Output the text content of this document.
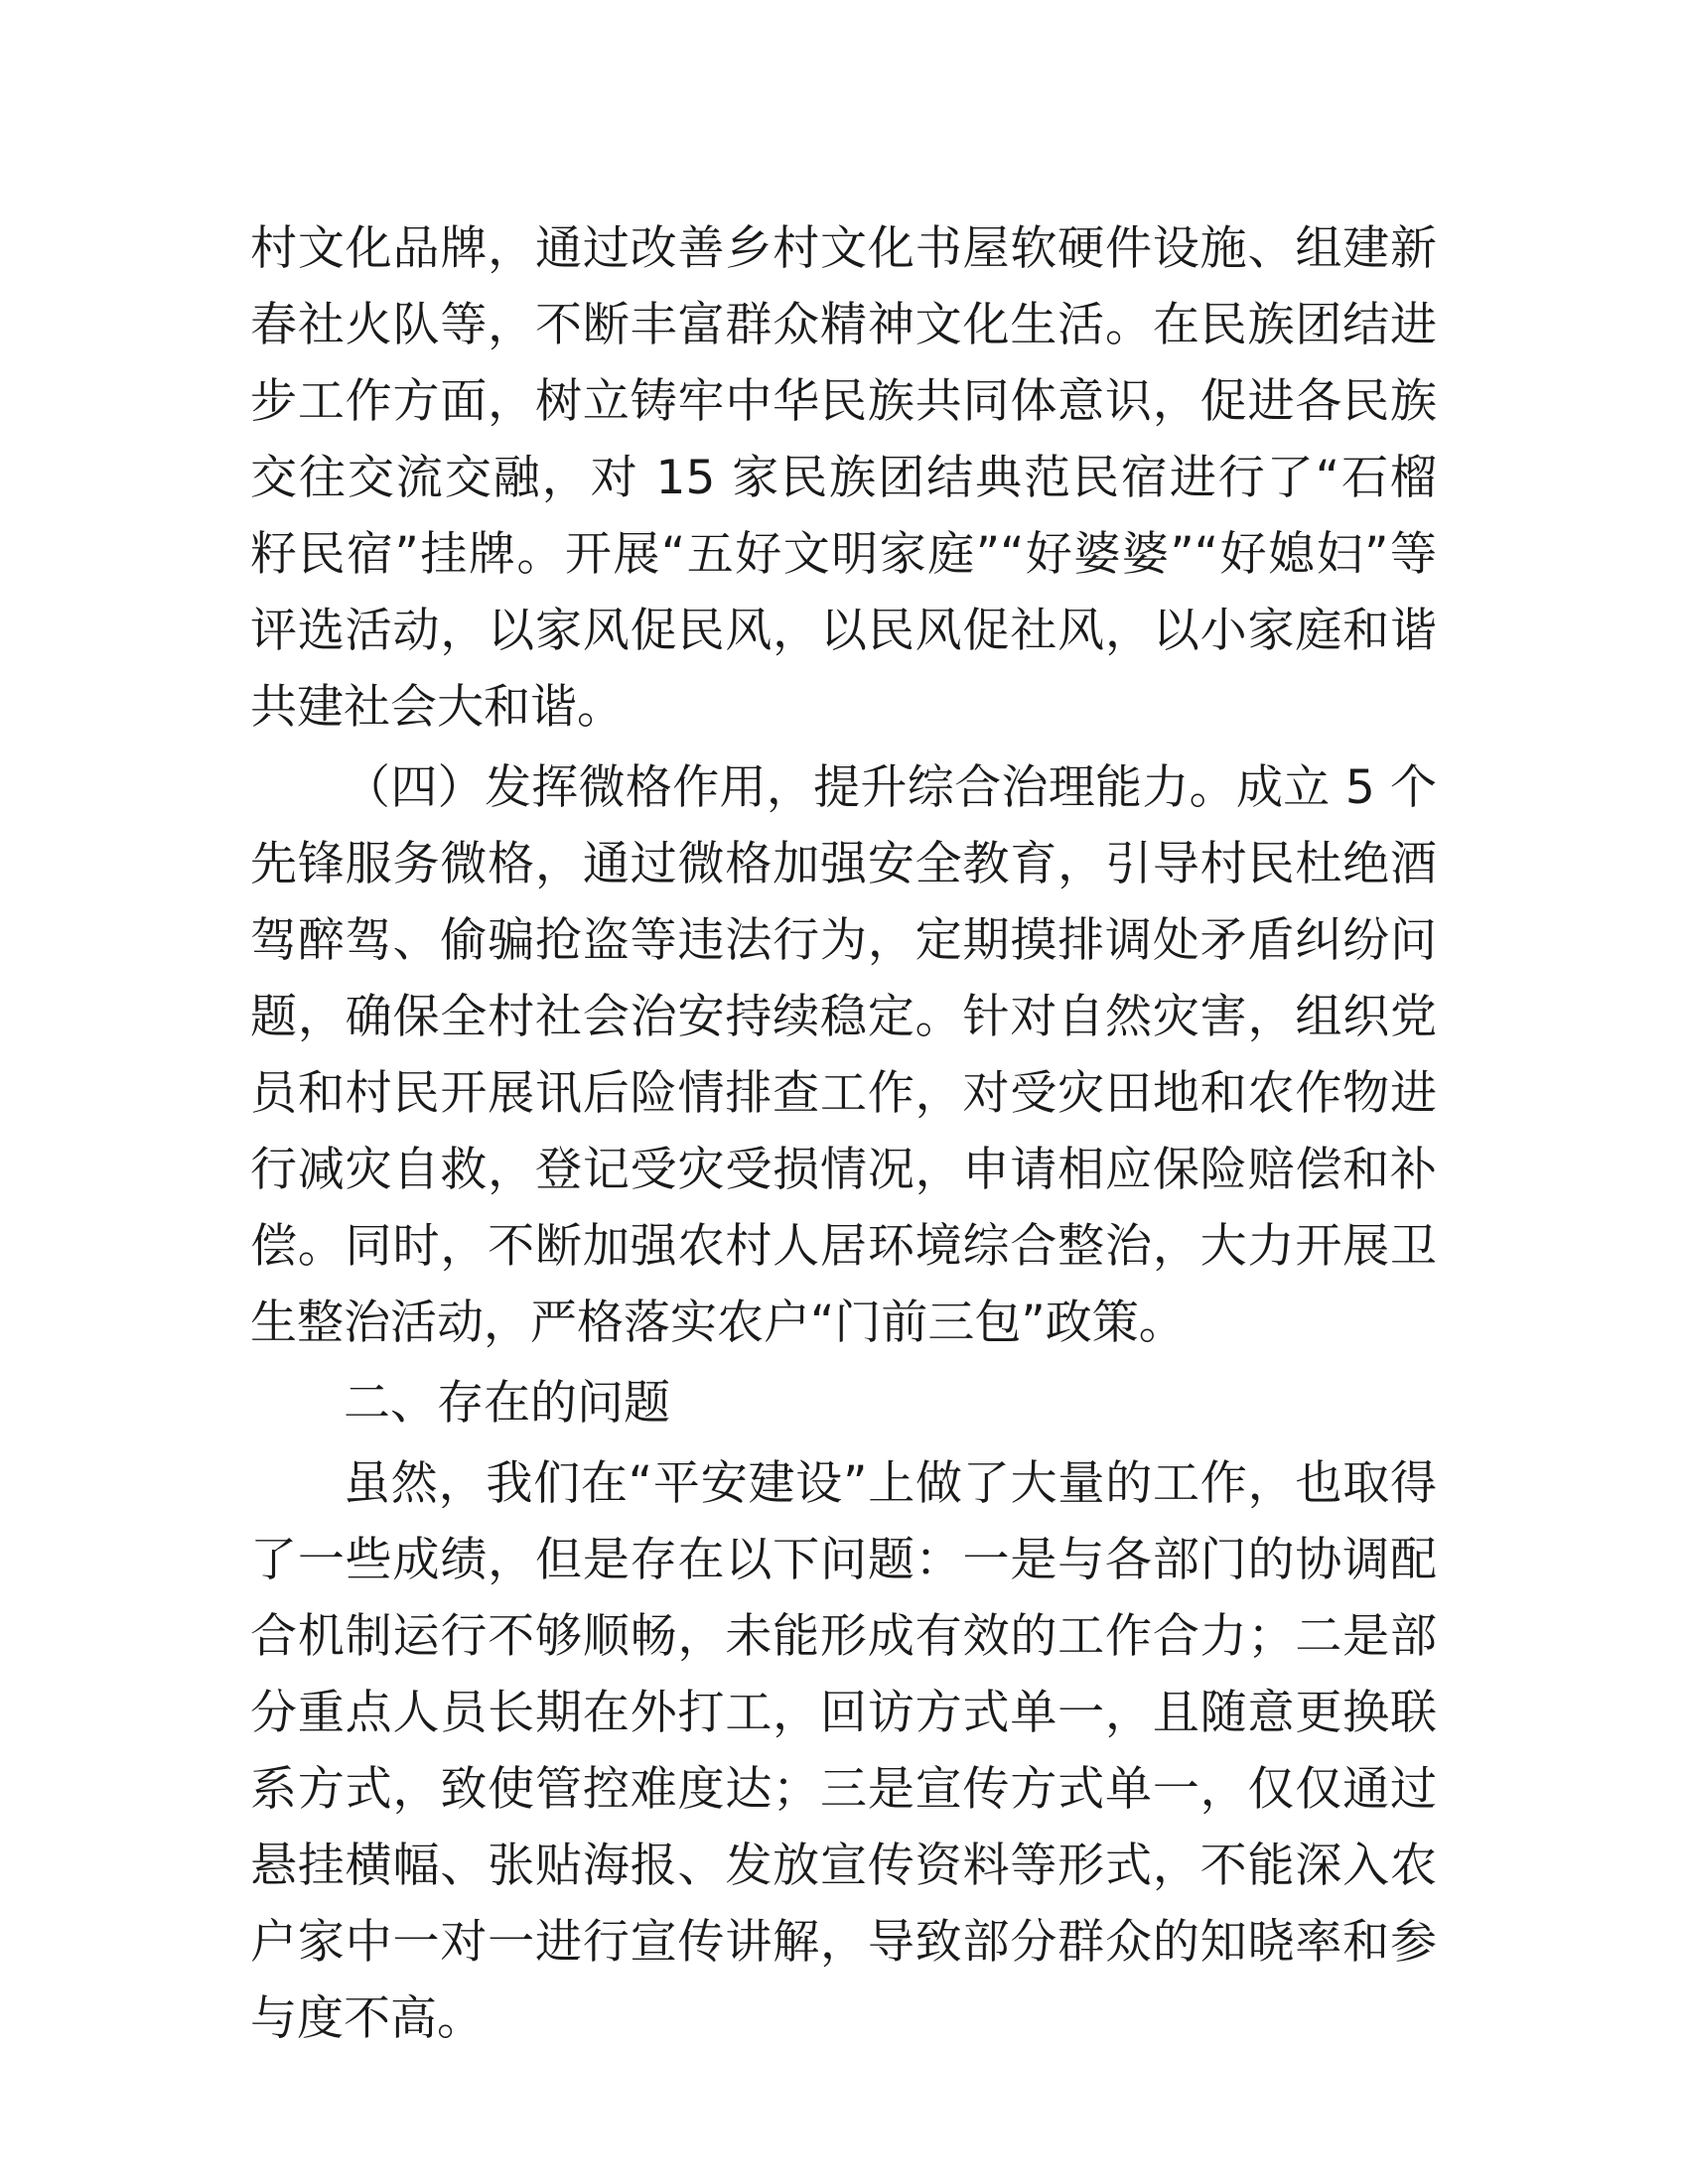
村文化品牌，通过改善乡村文化书屋软硬件设施、组建新春社火队等，不断丰富群众精神文化生活。在民族团结进步工作方面，树立铸牢中华民族共同体意识，促进各民族交往交流交融，对 15 家民族团结典范民宿进行了“石榴籽民宿”挂牌。开展“五好文明家庭”“好婆婆”“好媳妇”等评选活动，以家风促民风，以民风促社风，以小家庭和谐共建社会大和谐。

（四）发挥微格作用，提升综合治理能力。成立 5 个先锋服务微格，通过微格加强安全教育，引导村民杜绝酒驾醉驾、偷骗抢盗等违法行为，定期摸排调处矛盾纠纷问题，确保全村社会治安持续稳定。针对自然灾害，组织党员和村民开展讯后险情排查工作，对受灾田地和农作物进行减灾自救，登记受灾受损情况，申请相应保险赔偿和补偿。同时，不断加强农村人居环境综合整治，大力开展卫生整治活动，严格落实农户“门前三包”政策。

二、存在的问题

虽然，我们在“平安建设”上做了大量的工作，也取得了一些成绩，但是存在以下问题：一是与各部门的协调配合机制运行不够顺畅，未能形成有效的工作合力；二是部分重点人员长期在外打工，回访方式单一，且随意更换联系方式，致使管控难度达；三是宣传方式单一，仅仅通过悬挂横幅、张贴海报、发放宣传资料等形式，不能深入农户家中一对一进行宣传讲解，导致部分群众的知晓率和参与度不高。
